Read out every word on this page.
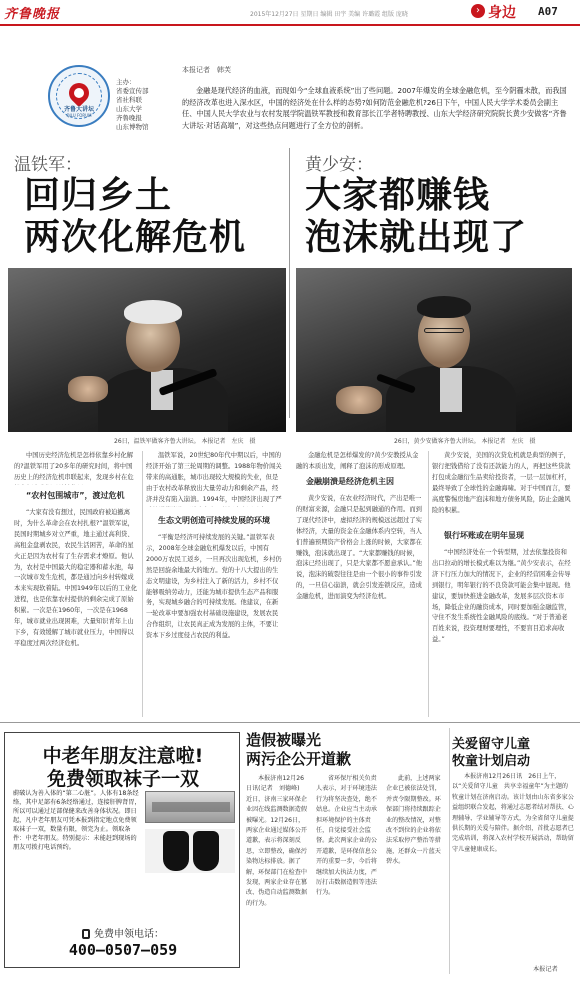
齐鲁晚报	2015年12月27日 星期日 编辑 田宇 美编 许璐霞 组版 庞晓	› 身边 A07
齐鲁大讲坛
QILU FORUM
主办：
省委宣传部
省社科联
山东大学
齐鲁晚报
山东博物馆
本报记者　韩芙
金融是现代经济的血液，而现如今“全球血液系统”出了些问题。2007年爆发的全球金融危机，至今阴霾未散，而我国的经济改革也进入深水区，中国的经济处在什么样的态势?如何防范金融危机?26日下午，中国人民大学学术委员会副主任、中国人民大学农业与农村发展学院温铁军教授和教育部长江学者特聘教授、山东大学经济研究院院长黄少安做客“齐鲁大讲坛·对话高端”，对这些热点问题进行了全方位的剖析。
温铁军：
回归乡土
两次化解危机
黄少安：
大家都赚钱
泡沫就出现了
26日，温铁军做客齐鲁大讲坛。 本报记者　左庆　摄	26日，黄少安做客齐鲁大讲坛。 本报记者　左庆　摄
中国历史经济危机是怎样依靠乡村化解的?温铁军用了20多年的研究时间，将中国历史上的经济危机串联起来，发现乡村在危
“农村包围城市”，渡过危机
“大家有没有想过，民国政府被迫撤离时，为什么革命会在农村扎根?”温铁军说，民国时期城乡对立严重，地主通过高利贷、高租金盘剥农民，农民生活困苦，革命的星火正是因为农村有了生存需求才燎原。他认为，农村是中国最大的稳定器和蓄水池，每一次城市发生危机，都是通过向乡村转嫁成本来实现软着陆。中国1949年以后的工业化进程，也是依靠农村提供的剩余完成了原始积累。一次是在1960年，一次是在1968年，城市就业出现困难，大量知识青年上山下乡，有效缓解了城市就业压力，中国得以平稳度过两次经济危机。
温铁军说，20世纪80年代中期以后，中国的经济开始了第三轮周期的调整。1988年物价闯关带来的高通胀，城市出现较大规模的失业，但是由于农村改革释放出大量劳动力和剩余产品，经济并没有陷入崩溃。1994年，中国经济出现了严
生态文明创造可持续发展的环境
“平衡是经济可持续发展的关键。”温铁军表示，2008年全球金融危机爆发以后，中国有2000万农民工返乡，一旦再次出现危机，乡村仍然是回旋余地最大的地方。党的十八大提出的生态文明建设，为乡村注入了新的活力，乡村不仅能够吸纳劳动力，还能为城市提供生态产品和服务，实现城乡融合的可持续发展。他建议，在新一轮改革中要加强农村基础设施建设，发展农民合作组织，让农民真正成为发展的主体，不要让资本下乡过度侵占农民的利益。
金融危机是怎样爆发的?黄少安教授从金融的本质出发，阐释了泡沫的形成原理。
金融崩溃是经济危机主因
黄少安说，在农业经济时代，产出是唯一的财富来源，金融只是起到融通的作用。而到了现代经济中，虚拟经济的规模远远超过了实体经济，大量的资金在金融体系内空转，当人们普遍预期资产价格会上涨的时候，大家都在赚钱，泡沫就出现了。“大家都赚钱的时候，泡沫已经出现了，只是大家都不愿意承认。”他说，泡沫的破裂往往是由一个很小的事件引发的，一旦信心崩溃，就会引发连锁反应，造成金融危机，进而演变为经济危机。
黄少安说，美国的次贷危机就是典型的例子，银行把钱借给了没有还款能力的人，再把这些贷款打包成金融衍生品卖给投资者，一层一层加杠杆，最终导致了全球性的金融海啸。对于中国而言，要高度警惕房地产泡沫和地方债务风险，防止金融风险的积累。
银行坏账或在明年显现
“中国经济处在一个转型期，过去依靠投资和出口拉动的增长模式难以为继。”黄少安表示，在经济下行压力加大的情况下，企业的经营困难会传导到银行，明年银行的不良贷款可能会集中显现。他建议，要加快推进金融改革，发展多层次资本市场，降低企业的融资成本，同时要加强金融监管，守住不发生系统性金融风险的底线。“对于普通老百姓来说，投资理财要理性，不要盲目追求高收益。”
中老年朋友注意啦!
免费领取袜子一双
蔚破认为善入体的“第二心脏”。人体有18条经络，其中足部有6条经络通过，连接肝脾肾胃，所以可以通过足部保健来改善身体状况。即日起，凡中老年朋友可凭本报到指定地点免费领取袜子一双，数量有限，领完为止。领取条件：中老年朋友。特别提示：未能赶到现场的朋友可拨打电话预约。
免费申领电话：
400—0507—059
造假被曝光
两污企公开道歉
本报济南12月26日讯(记者　刘德峰)　近日，济南三家环保企业因在线监测数据造假被曝光。12月26日，两家企业通过媒体公开道歉，表示将深刻反思，立即整改，确保污染物达标排放。据了解，环保部门在检查中发现，两家企业存在篡改、伪造自动监测数据的行为。
省环保厅相关负责人表示，对于环境违法行为将坚决查处，绝不姑息。企业应当主动承担环境保护的主体责任，自觉接受社会监督。此次两家企业的公开道歉，是环保信息公开的重要一步，今后将继续加大执法力度，严厉打击数据造假等违法行为。
此前，上述两家企业已被依法处罚，并责令限期整改。环保部门将持续跟踪企业的整改情况，对整改不到位的企业将依法采取停产整治等措施，还群众一片蓝天碧水。
关爱留守儿童
牧童计划启动
本报济南12月26日讯　26日上午，以“关爱留守儿童　共享幸福童年”为主题的牧童计划在济南启动。该计划由山东省多家公益组织联合发起，将通过志愿者结对帮扶、心理辅导、学业辅导等方式，为全省留守儿童提供长期的关爱与陪伴。据介绍，首批志愿者已完成培训，将深入农村学校开展活动，帮助留守儿童健康成长。
本报记者
